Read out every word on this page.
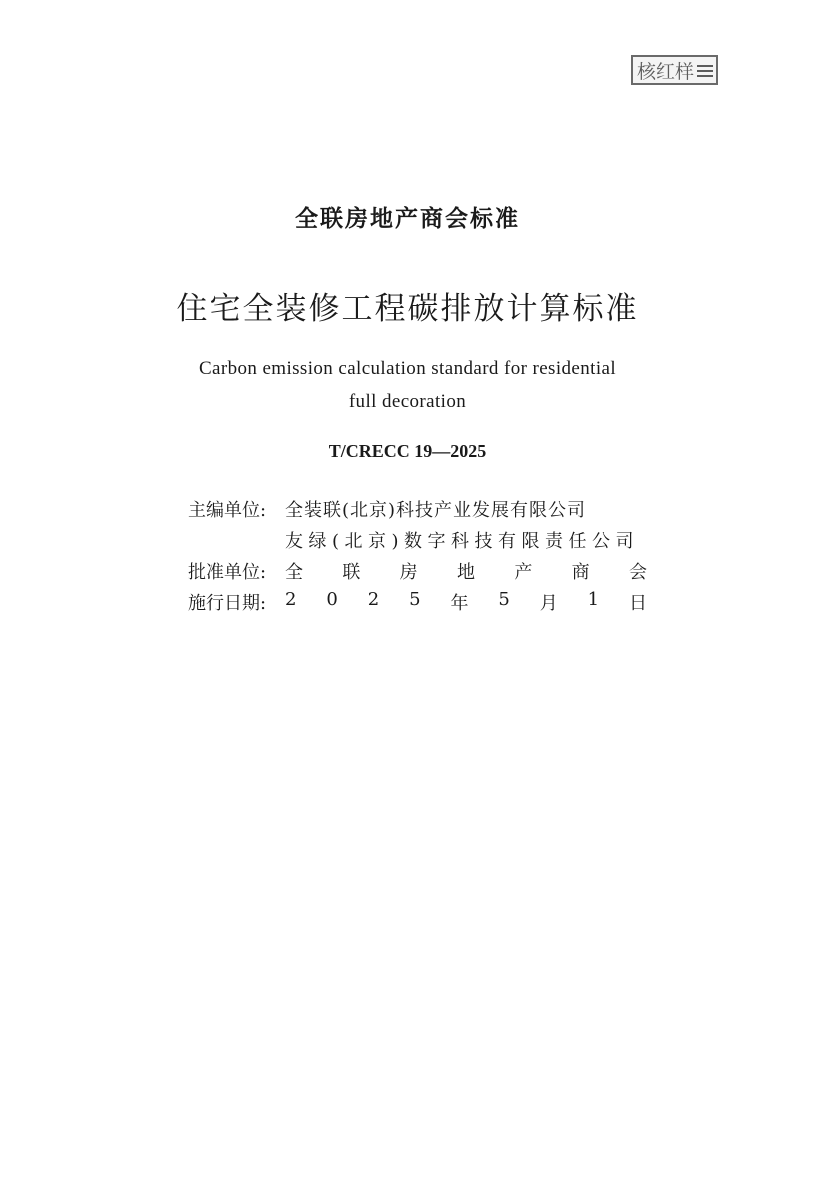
核红样
全联房地产商会标准
住宅全装修工程碳排放计算标准
Carbon emission calculation standard for residential
full decoration
T/CRECC 19—2025
主编单位:	全装联(北京)科技产业发展有限公司
友绿(北京)数字科技有限责任公司
批准单位:	全 联 房 地 产 商 会
施行日期:	2 0 2 5 年 5 月 1 日
